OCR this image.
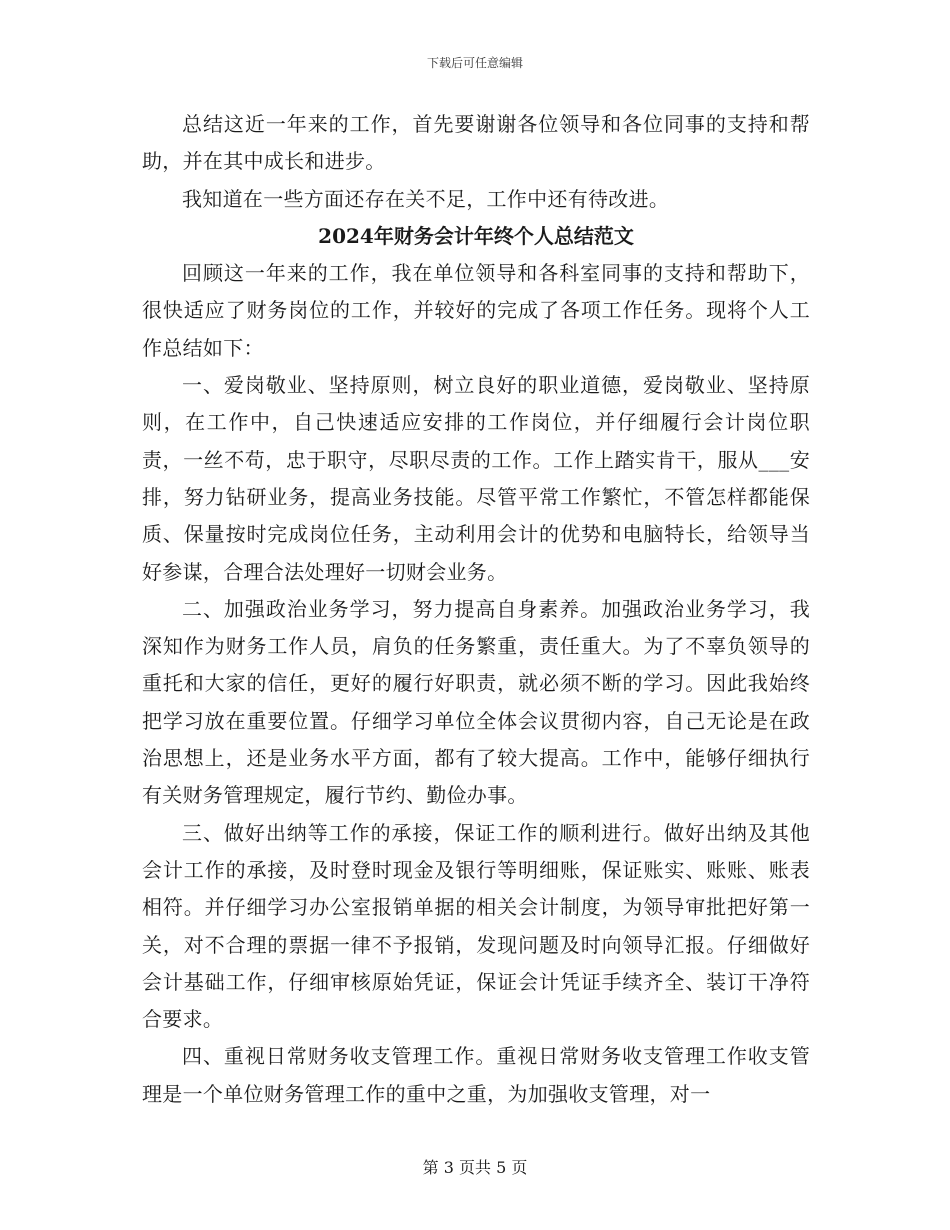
下载后可任意编辑

总结这近一年来的工作，首先要谢谢各位领导和各位同事的支持和帮助，并在其中成长和进步。

我知道在一些方面还存在关不足，工作中还有待改进。

2024年财务会计年终个人总结范文

回顾这一年来的工作，我在单位领导和各科室同事的支持和帮助下，很快适应了财务岗位的工作，并较好的完成了各项工作任务。现将个人工作总结如下：

一、爱岗敬业、坚持原则，树立良好的职业道德，爱岗敬业、坚持原则，在工作中，自己快速适应安排的工作岗位，并仔细履行会计岗位职责，一丝不苟，忠于职守，尽职尽责的工作。工作上踏实肯干，服从___安排，努力钻研业务，提高业务技能。尽管平常工作繁忙，不管怎样都能保质、保量按时完成岗位任务，主动利用会计的优势和电脑特长，给领导当好参谋，合理合法处理好一切财会业务。

二、加强政治业务学习，努力提高自身素养。加强政治业务学习，我深知作为财务工作人员，肩负的任务繁重，责任重大。为了不辜负领导的重托和大家的信任，更好的履行好职责，就必须不断的学习。因此我始终把学习放在重要位置。仔细学习单位全体会议贯彻内容，自己无论是在政治思想上，还是业务水平方面，都有了较大提高。工作中，能够仔细执行有关财务管理规定，履行节约、勤俭办事。

三、做好出纳等工作的承接，保证工作的顺利进行。做好出纳及其他会计工作的承接，及时登时现金及银行等明细账，保证账实、账账、账表相符。并仔细学习办公室报销单据的相关会计制度，为领导审批把好第一关，对不合理的票据一律不予报销，发现问题及时向领导汇报。仔细做好会计基础工作，仔细审核原始凭证，保证会计凭证手续齐全、装订干净符合要求。

四、重视日常财务收支管理工作。重视日常财务收支管理工作收支管理是一个单位财务管理工作的重中之重，为加强收支管理，对一

第 3 页共 5 页
